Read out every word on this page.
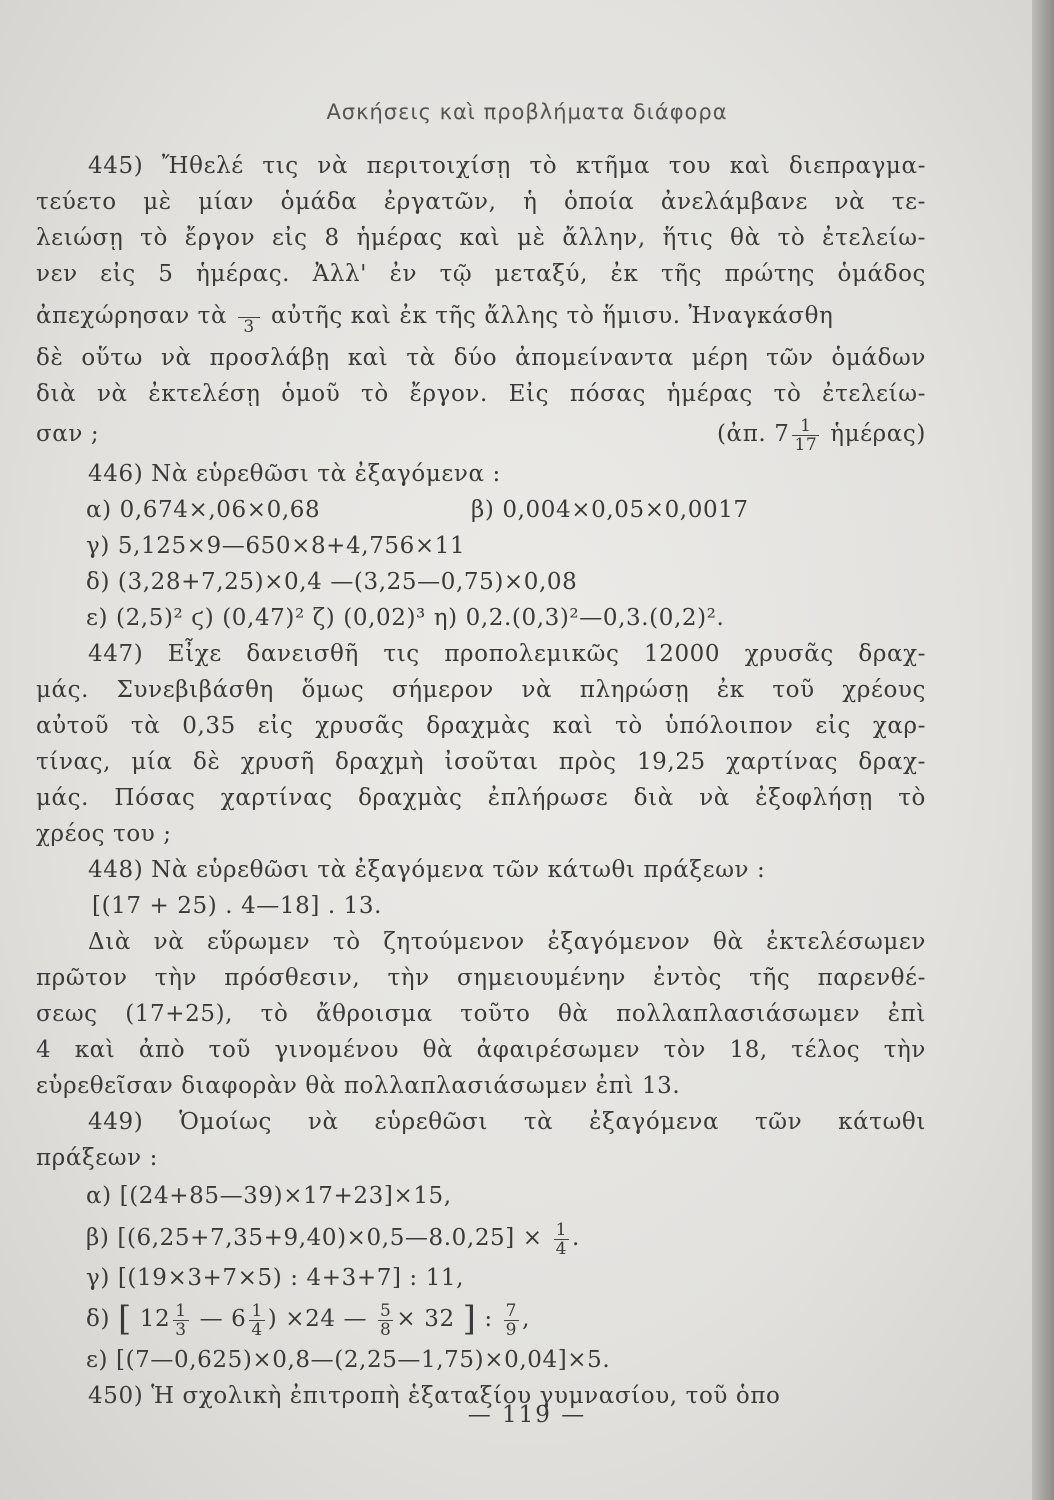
Ασκήσεις καὶ προβλήματα διάφορα
445) Ἤθελέ τις νὰ περιτοιχίσῃ τὸ κτῆμα του καὶ διεπραγμα-
τεύετο μὲ μίαν ὁμάδα ἐργατῶν, ἡ ὁποία ἀνελάμβανε νὰ τε-
λειώσῃ τὸ ἔργον εἰς 8 ἡμέρας καὶ μὲ ἄλλην, ἥτις θὰ τὸ ἐτελείω-
νεν εἰς 5 ἡμέρας. Ἀλλ' ἐν τῷ μεταξύ, ἐκ τῆς πρώτης ὁμάδος
ἀπεχώρησαν τὰ
3 αὐτῆς καὶ ἐκ τῆς ἄλλης τὸ ἥμισυ. Ἠναγκάσθη
δὲ οὕτω νὰ προσλάβῃ καὶ τὰ δύο ἀπομείναντα μέρη τῶν ὁμάδων
διὰ νὰ ἐκτελέσῃ ὁμοῦ τὸ ἔργον. Εἰς πόσας ἡμέρας τὸ ἐτελείω-
σαν ;	(ἀπ. $7 \frac{1}{17}$ ἡμέρας)
446) Νὰ εὑρεθῶσι τὰ ἐξαγόμενα :
α) 0,674×,06×0,68	β) 0,004×0,05×0,0017
γ) 5,125×9—650×8+4,756×11
δ) (3,28+7,25)×0,4 —(3,25—0,75)×0,08
ε) (2,5)² ϛ) (0,47)² ζ) (0,02)³ η) 0,2.(0,3)²—0,3.(0,2)².
447) Εἶχε δανεισθῆ τις προπολεμικῶς 12000 χρυσᾶς δραχ-
μάς. Συνεβιβάσθη ὅμως σήμερον νὰ πληρώσῃ ἐκ τοῦ χρέους
αὐτοῦ τὰ 0,35 εἰς χρυσᾶς δραχμὰς καὶ τὸ ὑπόλοιπον εἰς χαρ-
τίνας, μία δὲ χρυσῆ δραχμὴ ἰσοῦται πρὸς 19,25 χαρτίνας δραχ-
μάς. Πόσας χαρτίνας δραχμὰς ἐπλήρωσε διὰ νὰ ἐξοφλήσῃ τὸ
χρέος του ;
448) Νὰ εὑρεθῶσι τὰ ἐξαγόμενα τῶν κάτωθι πράξεων :
[(17 + 25) . 4—18] . 13.
Διὰ νὰ εὕρωμεν τὸ ζητούμενον ἐξαγόμενον θὰ ἐκτελέσωμεν
πρῶτον τὴν πρόσθεσιν, τὴν σημειουμένην ἐντὸς τῆς παρενθέ-
σεως (17+25), τὸ ἄθροισμα τοῦτο θὰ πολλαπλασιάσωμεν ἐπὶ
4 καὶ ἀπὸ τοῦ γινομένου θὰ ἀφαιρέσωμεν τὸν 18, τέλος τὴν
εὑρεθεῖσαν διαφορὰν θὰ πολλαπλασιάσωμεν ἐπὶ 13.
449) Ὁμοίως νὰ εὑρεθῶσι τὰ ἐξαγόμενα τῶν κάτωθι
πράξεων :
α) [(24+85—39)×17+23]×15,
β) [(6,25+7,35+9,40)×0,5—8.0,25] × $\frac{1}{4}$ .
γ) [(19×3+7×5) : 4+3+7] : 11,
δ) [ $12 \frac{1}{3}$ — $6 \frac{1}{4}$ ) ×24 — $\frac{5}{8} \times 32$ ] : $\frac{7}{9}$ ,
ε) [(7—0,625)×0,8—(2,25—1,75)×0,04]×5.
450) Ἡ σχολικὴ ἐπιτροπὴ ἑξαταξίου γυμνασίου, τοῦ ὁπο
— 119 —
